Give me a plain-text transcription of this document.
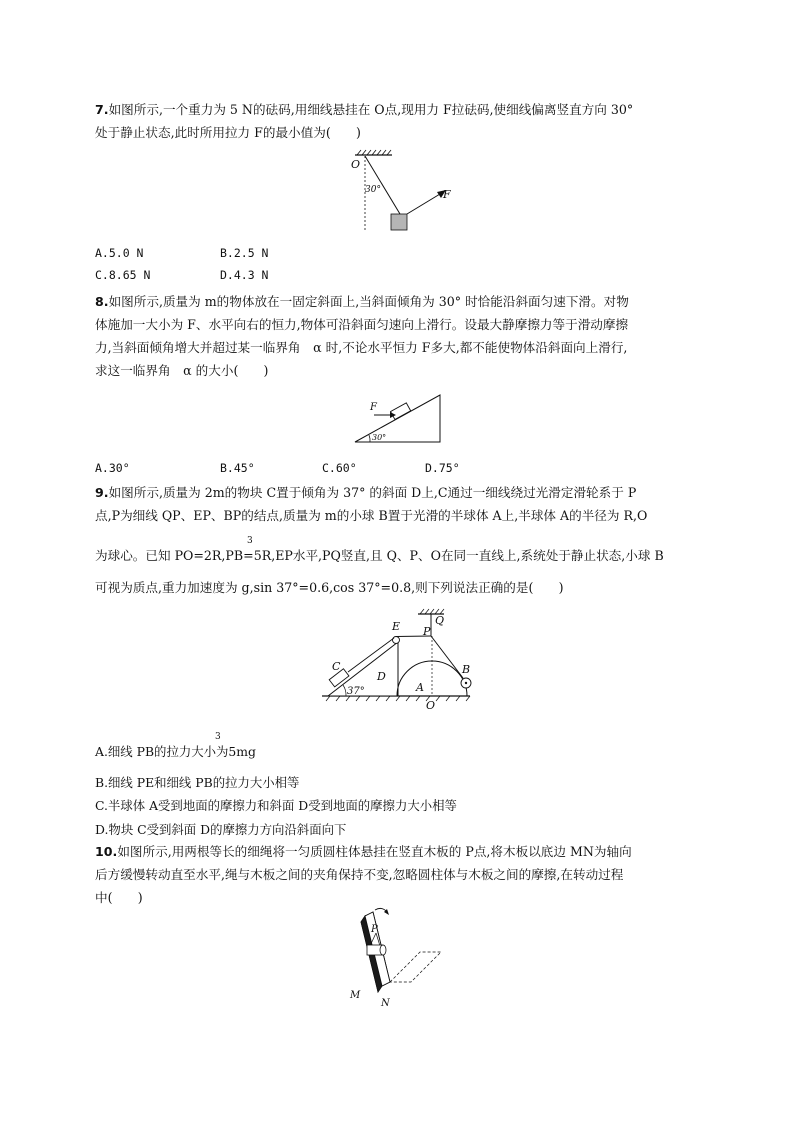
7.如图所示,一个重力为 5 N的砝码,用细线悬挂在 O点,现用力 F拉砝码,使细线偏离竖直方向 30°
处于静止状态,此时所用拉力 F的最小值为(　　)
O
30°	F
A.5.0 N	B.2.5 N
C.8.65 N	D.4.3 N
8.如图所示,质量为 m的物体放在一固定斜面上,当斜面倾角为 30° 时恰能沿斜面匀速下滑。对物
体施加一大小为 F、水平向右的恒力,物体可沿斜面匀速向上滑行。设最大静摩擦力等于滑动摩擦
力,当斜面倾角增大并超过某一临界角　α 时,不论水平恒力 F多大,都不能使物体沿斜面向上滑行,
求这一临界角　α 的大小(　　)
F
30°
A.30°	B.45°	C.60°	D.75°
9.如图所示,质量为 2m的物块 C置于倾角为 37° 的斜面 D上,C通过一细线绕过光滑定滑轮系于 P
点,P为细线 QP、EP、BP的结点,质量为 m的小球 B置于光滑的半球体 A上,半球体 A的半径为 R,O
3
为球心。已知 PO=2R,PB=5R,EP水平,PQ竖直,且 Q、P、O在同一直线上,系统处于静止状态,小球 B
可视为质点,重力加速度为 g,sin 37°=0.6,cos 37°=0.8,则下列说法正确的是(　　)
E P
Q
C
D
A
O
B
37°
3
A.细线 PB的拉力大小为5mg
B.细线 PE和细线 PB的拉力大小相等
C.半球体 A受到地面的摩擦力和斜面 D受到地面的摩擦力大小相等
D.物块 C受到斜面 D的摩擦力方向沿斜面向下
10.如图所示,用两根等长的细绳将一匀质圆柱体悬挂在竖直木板的 P点,将木板以底边 MN为轴向
后方缓慢转动直至水平,绳与木板之间的夹角保持不变,忽略圆柱体与木板之间的摩擦,在转动过程
中(　　)
P
M
N
